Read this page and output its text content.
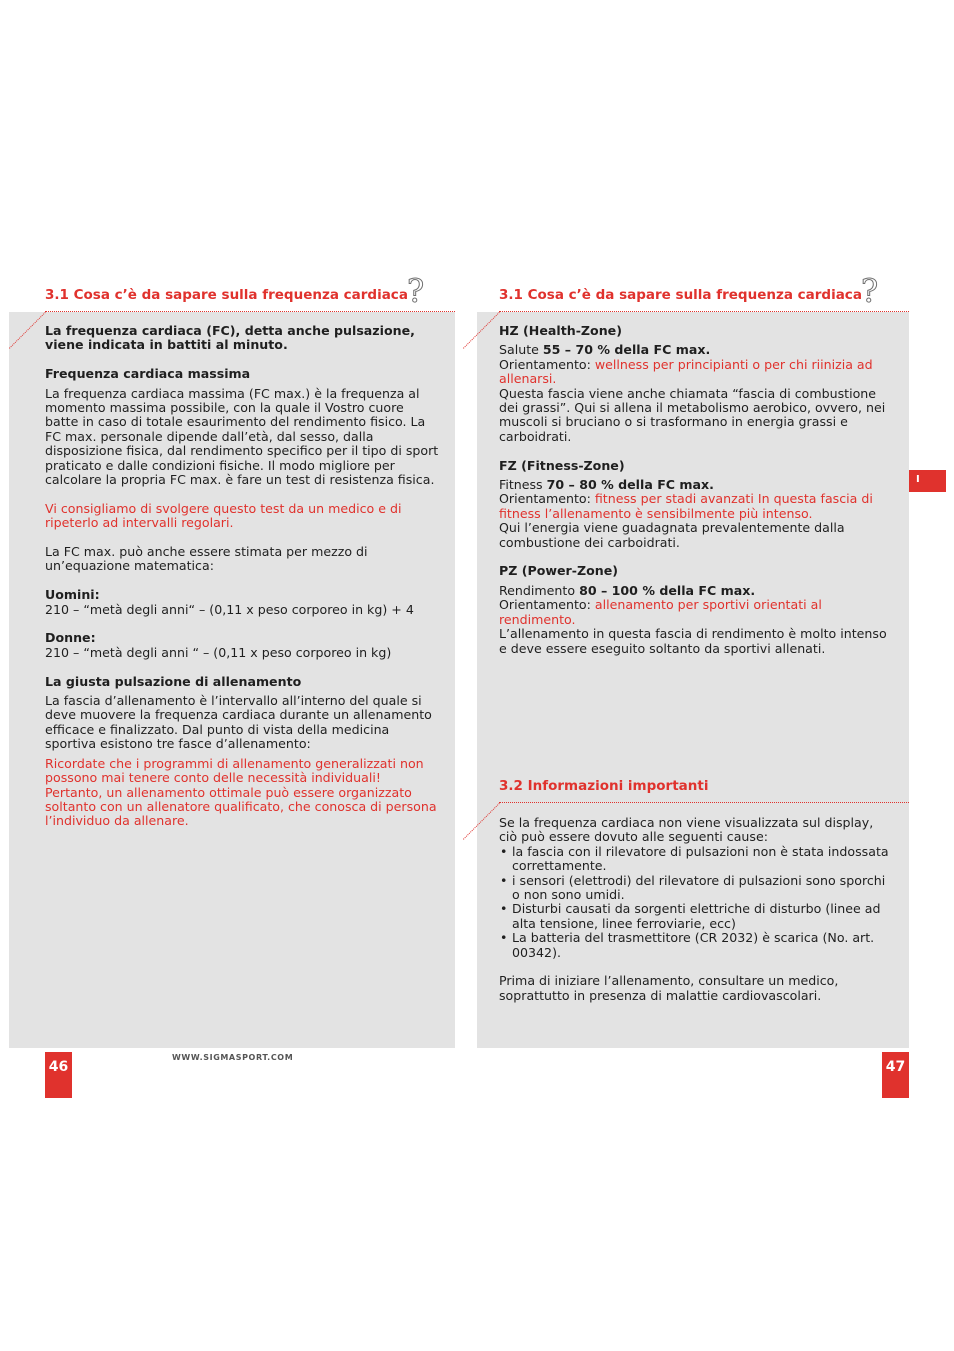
3.1 Cosa c’è da sapare sulla frequenza cardiaca ?

La frequenza cardiaca (FC), detta anche pulsazione, viene indicata in battiti al minuto.

Frequenza cardiaca massima

La frequenza cardiaca massima (FC max.) è la frequenza al momento massima possibile, con la quale il Vostro cuore batte in caso di totale esaurimento del rendimento fisico. La FC max. personale dipende dall’età, dal sesso, dalla disposizione fisica, dal rendimento specifico per il tipo di sport praticato e dalle condizioni fisiche. Il modo migliore per calcolare la propria FC max. è fare un test di resistenza fisica.

Vi consigliamo di svolgere questo test da un medico e di ripeterlo ad intervalli regolari.

La FC max. può anche essere stimata per mezzo di un’equazione matematica:

Uomini:

210 – “metà degli anni“ – (0,11 x peso corporeo in kg) + 4

Donne:

210 – “metà degli anni “ – (0,11 x peso corporeo in kg)

La giusta pulsazione di allenamento

La fascia d’allenamento è l’intervallo all’interno del quale si deve muovere la frequenza cardiaca durante un allenamento efficace e finalizzato. Dal punto di vista della medicina sportiva esistono tre fasce d’allenamento:

Ricordate che i programmi di allenamento generalizzati non possono mai tenere conto delle necessità individuali! Pertanto, un allenamento ottimale può essere organizzato soltanto con un allenatore qualificato, che conosca di persona l’individuo da allenare.

46
WWW.SIGMASPORT.COM
3.1 Cosa c’è da sapare sulla frequenza cardiaca ?
I

HZ (Health-Zone)

Salute 55 – 70 % della FC max.

Orientamento: wellness per principianti o per chi riinizia ad allenarsi.

Questa fascia viene anche chiamata “fascia di combustione dei grassi”. Qui si allena il metabolismo aerobico, ovvero, nei muscoli si bruciano o si trasformano in energia grassi e carboidrati.

FZ (Fitness-Zone)

Fitness 70 – 80 % della FC max.

Orientamento: fitness per stadi avanzati In questa fascia di fitness l’allenamento è sensibilmente più intenso.

Qui l’energia viene guadagnata prevalentemente dalla combustione dei carboidrati.

PZ (Power-Zone)

Rendimento 80 – 100 % della FC max.

Orientamento: allenamento per sportivi orientati al rendimento.

L’allenamento in questa fascia di rendimento è molto intenso e deve essere eseguito soltanto da sportivi allenati.

3.2 Informazioni importanti

Se la frequenza cardiaca non viene visualizzata sul display, ciò può essere dovuto alle seguenti cause:

• la fascia con il rilevatore di pulsazioni non è stata indossata correttamente.
• i sensori (elettrodi) del rilevatore di pulsazioni sono sporchi o non sono umidi.
• Disturbi causati da sorgenti elettriche di disturbo (linee ad alta tensione, linee ferroviarie, ecc)
• La batteria del trasmettitore (CR 2032) è scarica (No. art. 00342).

Prima di iniziare l’allenamento, consultare un medico, soprattutto in presenza di malattie cardiovascolari.

47
